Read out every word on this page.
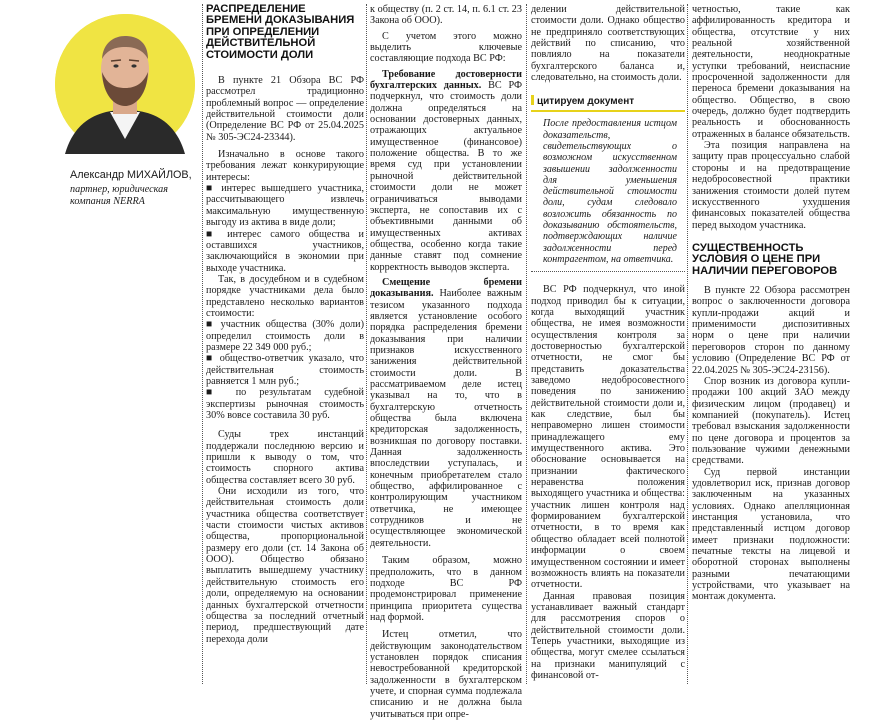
Александр МИХАЙЛОВ,
партнер, юридическая компания NERRA
РАСПРЕДЕЛЕНИЕ БРЕМЕНИ ДОКАЗЫВАНИЯ ПРИ ОПРЕДЕЛЕНИИ ДЕЙСТВИТЕЛЬНОЙ СТОИМОСТИ ДОЛИ

В пункте 21 Обзора ВС РФ рассмотрел традиционно проблемный вопрос — определение действительной стоимости доли (Определение ВС РФ от 25.04.2025 № 305-ЭС24-23344).

Изначально в основе такого требования лежат конкурирующие интересы:

■ интерес вышедшего участника, рассчитывающего извлечь максимальную имущественную выгоду из актива в виде доли;

■ интерес самого общества и оставшихся участников, заключающийся в экономии при выходе участника.

Так, в досудебном и в судебном порядке участниками дела было представлено несколько вариантов стоимости:

■ участник общества (30% доли) определил стоимость доли в размере 22 349 000 руб.;

■ общество-ответчик указало, что действительная стоимость равняется 1 млн руб.;

■ по результатам судебной экспертизы рыночная стоимость 30% вовсе составила 30 руб.

Суды трех инстанций поддержали последнюю версию и пришли к выводу о том, что стоимость спорного актива общества составляет всего 30 руб.

Они исходили из того, что действительная стоимость доли участника общества соответствует части стоимости чистых активов общества, пропорциональной размеру его доли (ст. 14 Закона об ООО). Общество обязано выплатить вышедшему участнику действительную стоимость его доли, определяемую на основании данных бухгалтерской отчетности общества за последний отчетный период, предшествующий дате перехода доли

к обществу (п. 2 ст. 14, п. 6.1 ст. 23 Закона об ООО).

С учетом этого можно выделить ключевые составляющие подхода ВС РФ:

Требование достоверности бухгалтерских данных. ВС РФ подчеркнул, что стоимость доли должна определяться на основании достоверных данных, отражающих актуальное имущественное (финансовое) положение общества. В то же время суд при установлении рыночной действительной стоимости доли не может ограничиваться выводами эксперта, не сопоставив их с объективными данными об имущественных активах общества, особенно когда такие данные ставят под сомнение корректность выводов эксперта.

Смещение бремени доказывания. Наиболее важным тезисом указанного подхода является установление особого порядка распределения бремени доказывания при наличии признаков искусственного занижения действительной стоимости доли. В рассматриваемом деле истец указывал на то, что в бухгалтерскую отчетность общества была включена кредиторская задолженность, возникшая по договору поставки. Данная задолженность впоследствии уступалась, и конечным приобретателем стало общество, аффилированное с контролирующим участником ответчика, не имеющее сотрудников и не осуществляющее экономической деятельности.

Таким образом, можно предположить, что в данном подходе ВС РФ продемонстрировал применение принципа приоритета существа над формой.

Истец отметил, что действующим законодательством установлен порядок списания невостребованной кредиторской задолженности в бухгалтерском учете, и спорная сумма подлежала списанию и не должна была учитываться при опре-

делении действительной стоимости доли. Однако общество не предприняло соответствующих действий по списанию, что повлияло на показатели бухгалтерского баланса и, следовательно, на стоимость доли.

цитируем документ

После предоставления истцом доказательств, свидетельствующих о возможном искусственном завышении задолженности для уменьшения действительной стоимости доли, судам следовало возложить обязанность по доказыванию обстоятельств, подтверждающих наличие задолженности перед контрагентом, на ответчика.

ВС РФ подчеркнул, что иной подход приводил бы к ситуации, когда выходящий участник общества, не имея возможности осуществления контроля за достоверностью бухгалтерской отчетности, не смог бы представить доказательства заведомо недобросовестного поведения по занижению действительной стоимости доли и, как следствие, был бы неправомерно лишен стоимости принадлежащего ему имущественного актива. Это обоснование основывается на признании фактического неравенства положения выходящего участника и общества: участник лишен контроля над формированием бухгалтерской отчетности, в то время как общество обладает всей полнотой информации о своем имущественном состоянии и имеет возможность влиять на показатели отчетности.

Данная правовая позиция устанавливает важный стандарт для рассмотрения споров о действительной стоимости доли. Теперь участники, выходящие из общества, могут смелее ссылаться на признаки манипуляций с финансовой от-

четностью, такие как аффилированность кредитора и общества, отсутствие у них реальной хозяйственной деятельности, неоднократные уступки требований, неиспасние просроченной задолженности для переноса бремени доказывания на общество. Общество, в свою очередь, должно будет подтвердить реальность и обоснованность отраженных в балансе обязательств.

Эта позиция направлена на защиту прав процессуально слабой стороны и на предотвращение недобросовестной практики занижения стоимости долей путем искусственного ухудшения финансовых показателей общества перед выходом участника.

СУЩЕСТВЕННОСТЬ УСЛОВИЯ О ЦЕНЕ ПРИ НАЛИЧИИ ПЕРЕГОВОРОВ

В пункте 22 Обзора рассмотрен вопрос о заключенности договора купли-продажи акций и применимости диспозитивных норм о цене при наличии переговоров сторон по данному условию (Определение ВС РФ от 22.04.2025 № 305-ЭС24-23156).

Спор возник из договора купли-продажи 100 акций ЗАО между физическим лицом (продавец) и компанией (покупатель). Истец требовал взыскания задолженности по цене договора и процентов за пользование чужими денежными средствами.

Суд первой инстанции удовлетворил иск, признав договор заключенным на указанных условиях. Однако апелляционная инстанция установила, что представленный истцом договор имеет признаки подложности: печатные тексты на лицевой и оборотной сторонах выполнены разными печатающими устройствами, что указывает на монтаж документа.
